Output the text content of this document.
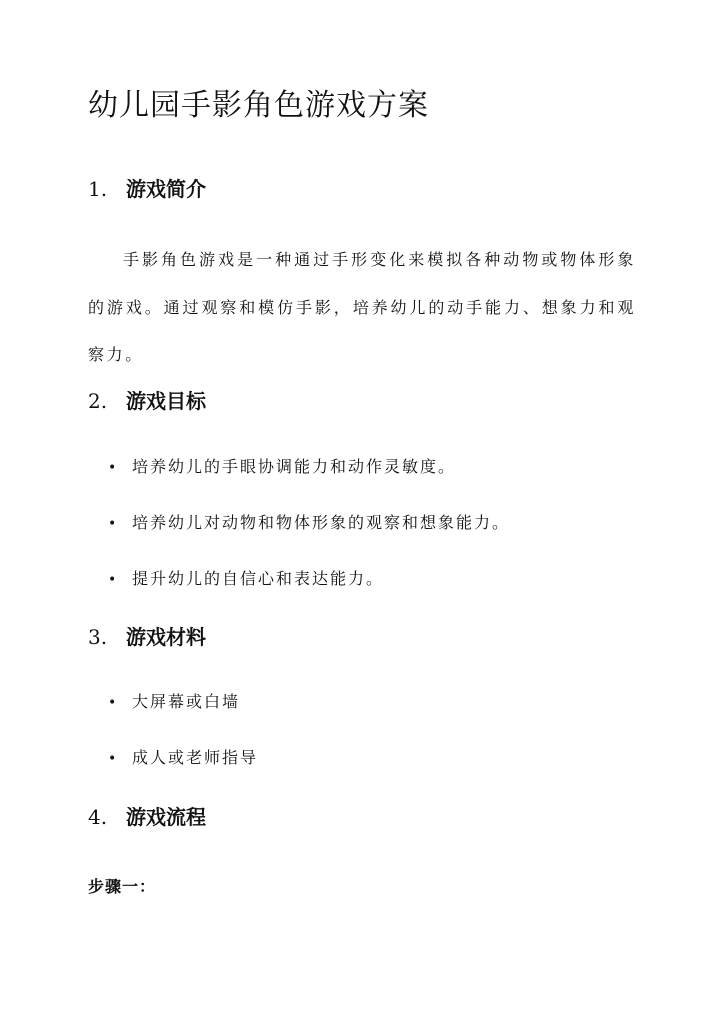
幼儿园手影角色游戏方案
1. 游戏简介

手影角色游戏是一种通过手形变化来模拟各种动物或物体形象的游戏。通过观察和模仿手影，培养幼儿的动手能力、想象力和观察力。

2. 游戏目标

• 培养幼儿的手眼协调能力和动作灵敏度。

• 培养幼儿对动物和物体形象的观察和想象能力。

• 提升幼儿的自信心和表达能力。

3. 游戏材料

• 大屏幕或白墙

• 成人或老师指导

4. 游戏流程

步骤一：
